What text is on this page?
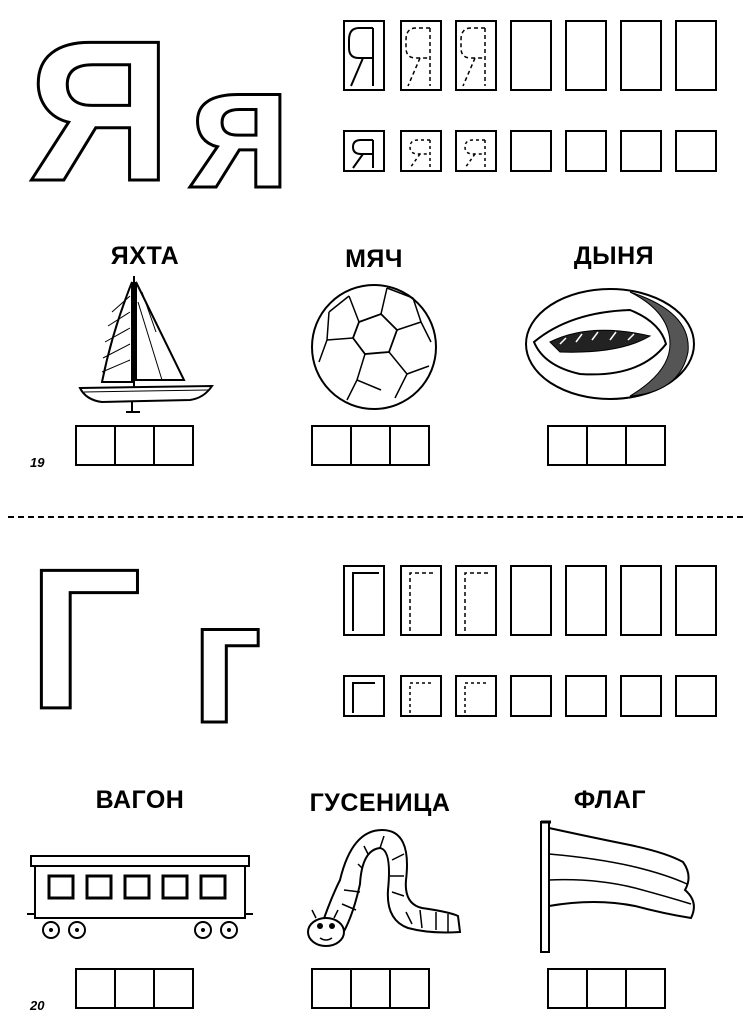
Я я
ЯХТА	МЯЧ	ДЫНЯ
19
Г г
ВАГОН	ГУСЕНИЦА	ФЛАГ
20
